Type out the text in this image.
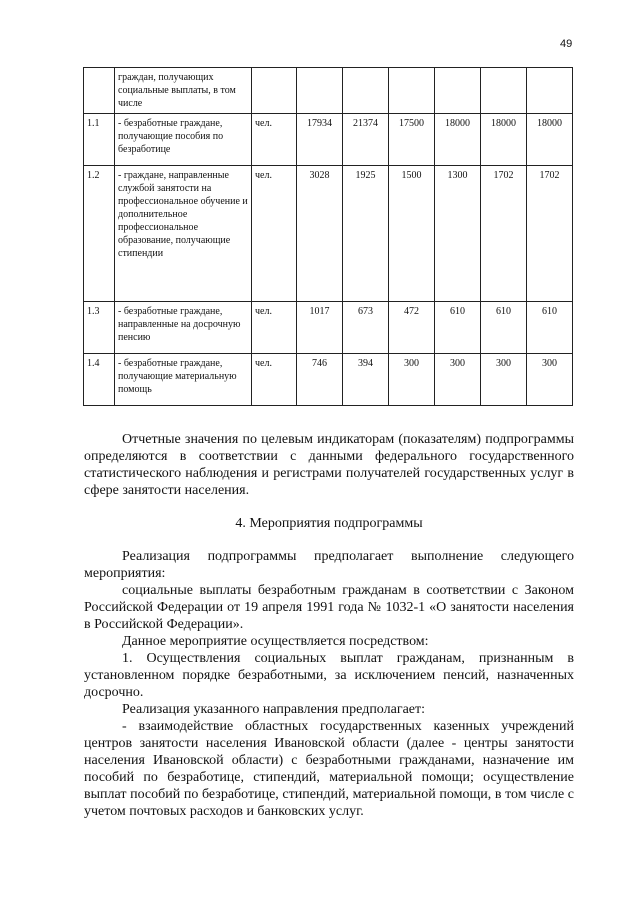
49
	граждан, получающих социальные выплаты, в том числе							
1.1	- безработные граждане, получающие пособия по безработице	чел.	17934	21374	17500	18000	18000	18000
1.2	- граждане, направленные службой занятости на профессиональное обучение и дополнительное профессиональное образование, получающие стипендии	чел.	3028	1925	1500	1300	1702	1702
1.3	- безработные граждане, направленные на досрочную пенсию	чел.	1017	673	472	610	610	610
1.4	- безработные граждане, получающие материальную помощь	чел.	746	394	300	300	300	300

Отчетные значения по целевым индикаторам (показателям) подпрограммы определяются в соответствии с данными федерального государственного статистического наблюдения и регистрами получателей государственных услуг в сфере занятости населения.

4. Мероприятия подпрограммы

Реализация подпрограммы предполагает выполнение следующего мероприятия:

социальные выплаты безработным гражданам в соответствии с Законом Российской Федерации от 19 апреля 1991 года № 1032-1 «О занятости населения в Российской Федерации».

Данное мероприятие осуществляется посредством:

1. Осуществления социальных выплат гражданам, признанным в установленном порядке безработными, за исключением пенсий, назначенных досрочно.

Реализация указанного направления предполагает:

- взаимодействие областных государственных казенных учреждений центров занятости населения Ивановской области (далее - центры занятости населения Ивановской области) с безработными гражданами, назначение им пособий по безработице, стипендий, материальной помощи; осуществление выплат пособий по безработице, стипендий, материальной помощи, в том числе с учетом почтовых расходов и банковских услуг.
